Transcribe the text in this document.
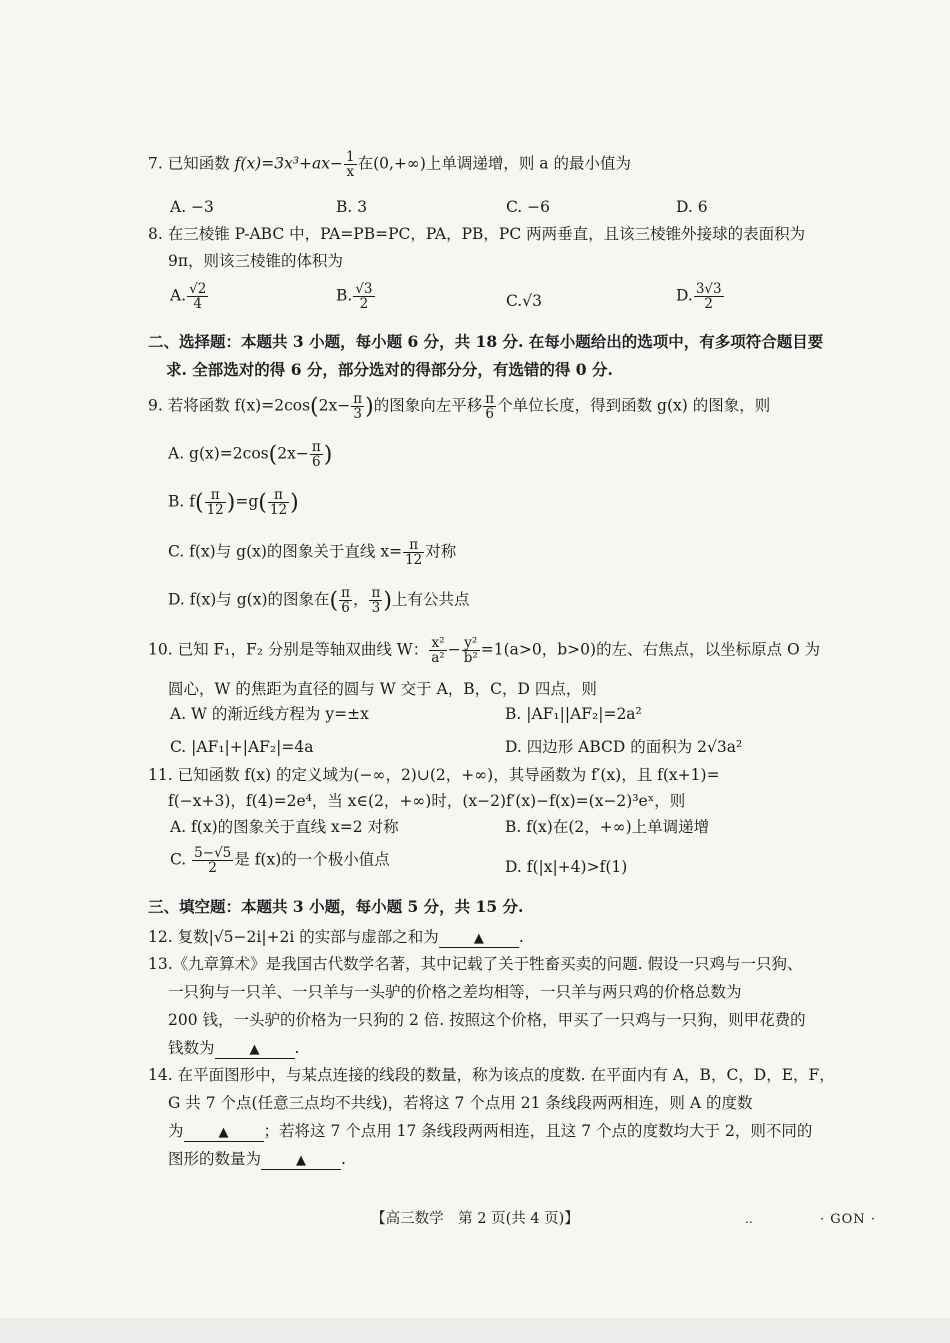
7. 已知函数 $f(x)=3x^3+ax- \frac{1}{x}$ 在(0,+∞)上单调递增，则 a 的最小值为
A. −3	B. 3	C. −6	D. 6
8. 在三棱锥 P-ABC 中，PA=PB=PC，PA，PB，PC 两两垂直，且该三棱锥外接球的表面积为
9π，则该三棱锥的体积为
A. $\frac{√2}{4}$	B. $\frac{√3}{2}$	C.√3	D. $\frac{3√3}{2}$
二、选择题：本题共 3 小题，每小题 6 分，共 18 分. 在每小题给出的选项中，有多项符合题目要
求. 全部选对的得 6 分，部分选对的得部分分，有选错的得 0 分.
9. 若将函数 $f(x)=2\cos(2x- \frac{\pi}{3}$ )的图象向左平移 $\frac{\pi}{6}$ 个单位长度，得到函数 g(x) 的图象，则
A. $g(x)=2\cos(2x- \frac{\pi}{6}$ )
B. $f( \frac{\pi}{12} )=g( \frac{\pi}{12}$ )
C. f(x)与 g(x)的图象关于直线 $x= \frac{\pi}{12}$ 对称
D. f(x)与 g(x)的图象在( $\frac{\pi}{6}$ ， $\frac{\pi}{3}$ )上有公共点
10. 已知 F₁，F₂ 分别是等轴双曲线 W： $\frac{\text{x²}}{\text{a²}} - \frac{\text{y²}}{\text{b²}} =1(a>0$，b>0)的左、右焦点，以坐标原点 O 为
圆心，W 的焦距为直径的圆与 W 交于 A，B，C，D 四点，则
A. W 的渐近线方程为 y=±x	B. |AF₁||AF₂|=2a²
C. |AF₁|+|AF₂|=4a	D. 四边形 ABCD 的面积为 2√3a²
11. 已知函数 f(x) 的定义域为(−∞，2)∪(2，+∞)，其导函数为 f′(x)，且 f(x+1)=
f(−x+3)，f(4)=2e⁴，当 x∈(2，+∞)时，(x−2)f′(x)−f(x)=(x−2)³eˣ，则
A. f(x)的图象关于直线 x=2 对称	B. f(x)在(2，+∞)上单调递增
C. $\frac{5-√5}{2}$ 是 f(x)的一个极小值点	D. f(|x|+4)>f(1)
三、填空题：本题共 3 小题，每小题 5 分，共 15 分.
12. 复数|√5−2i|+2i 的实部与虚部之和为	▲ .
13.《九章算术》是我国古代数学名著，其中记载了关于牲畜买卖的问题. 假设一只鸡与一只狗、
一只狗与一只羊、一只羊与一头驴的价格之差均相等，一只羊与两只鸡的价格总数为
200 钱，一头驴的价格为一只狗的 2 倍. 按照这个价格，甲买了一只鸡与一只狗，则甲花费的
钱数为	▲ .
14. 在平面图形中，与某点连接的线段的数量，称为该点的度数. 在平面内有 A，B，C，D，E，F，
G 共 7 个点(任意三点均不共线)，若将这 7 个点用 21 条线段两两相连，则 A 的度数
为	▲ ；若将这 7 个点用 17 条线段两两相连，且这 7 个点的度数均大于 2，则不同的
图形的数量为	▲ .
【高三数学　第 2 页(共 4 页)】	..	· GON ·
